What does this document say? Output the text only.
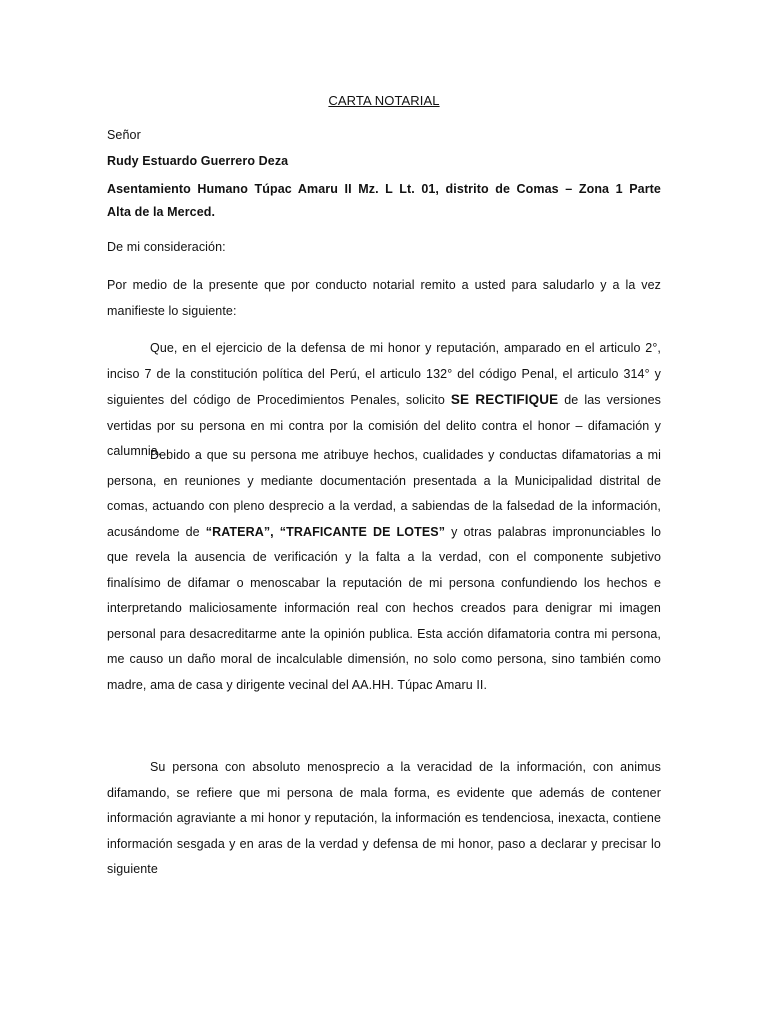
CARTA NOTARIAL
Señor
Rudy Estuardo Guerrero Deza
Asentamiento Humano Túpac Amaru II Mz. L Lt. 01, distrito de Comas – Zona 1 Parte
Alta de la Merced.
De mi consideración:
Por medio de la presente que por conducto notarial remito a usted para saludarlo y a la vez manifieste lo siguiente:
Que, en el ejercicio de la defensa de mi honor y reputación, amparado en el articulo 2°, inciso 7 de la constitución política del Perú, el articulo 132° del código Penal, el articulo 314° y siguientes del código de Procedimientos Penales, solicito SE RECTIFIQUE de las versiones vertidas por su persona en mi contra por la comisión del delito contra el honor – difamación y calumnia.
Debido a que su persona me atribuye hechos, cualidades y conductas difamatorias a mi persona, en reuniones y mediante documentación presentada a la Municipalidad distrital de comas, actuando con pleno desprecio a la verdad, a sabiendas de la falsedad de la información, acusándome de “RATERA”, “TRAFICANTE DE LOTES” y otras palabras impronunciables lo que revela la ausencia de verificación y la falta a la verdad, con el componente subjetivo finalísimo de difamar o menoscabar la reputación de mi persona confundiendo los hechos e interpretando maliciosamente información real con hechos creados para denigrar mi imagen personal para desacreditarme ante la opinión publica. Esta acción difamatoria contra mi persona, me causo un daño moral de incalculable dimensión, no solo como persona, sino también como madre, ama de casa y dirigente vecinal del AA.HH. Túpac Amaru II.
Su persona con absoluto menosprecio a la veracidad de la información, con animus difamando, se refiere que mi persona de mala forma, es evidente que además de contener información agraviante a mi honor y reputación, la información es tendenciosa, inexacta, contiene información sesgada y en aras de la verdad y defensa de mi honor, paso a declarar y precisar lo siguiente
